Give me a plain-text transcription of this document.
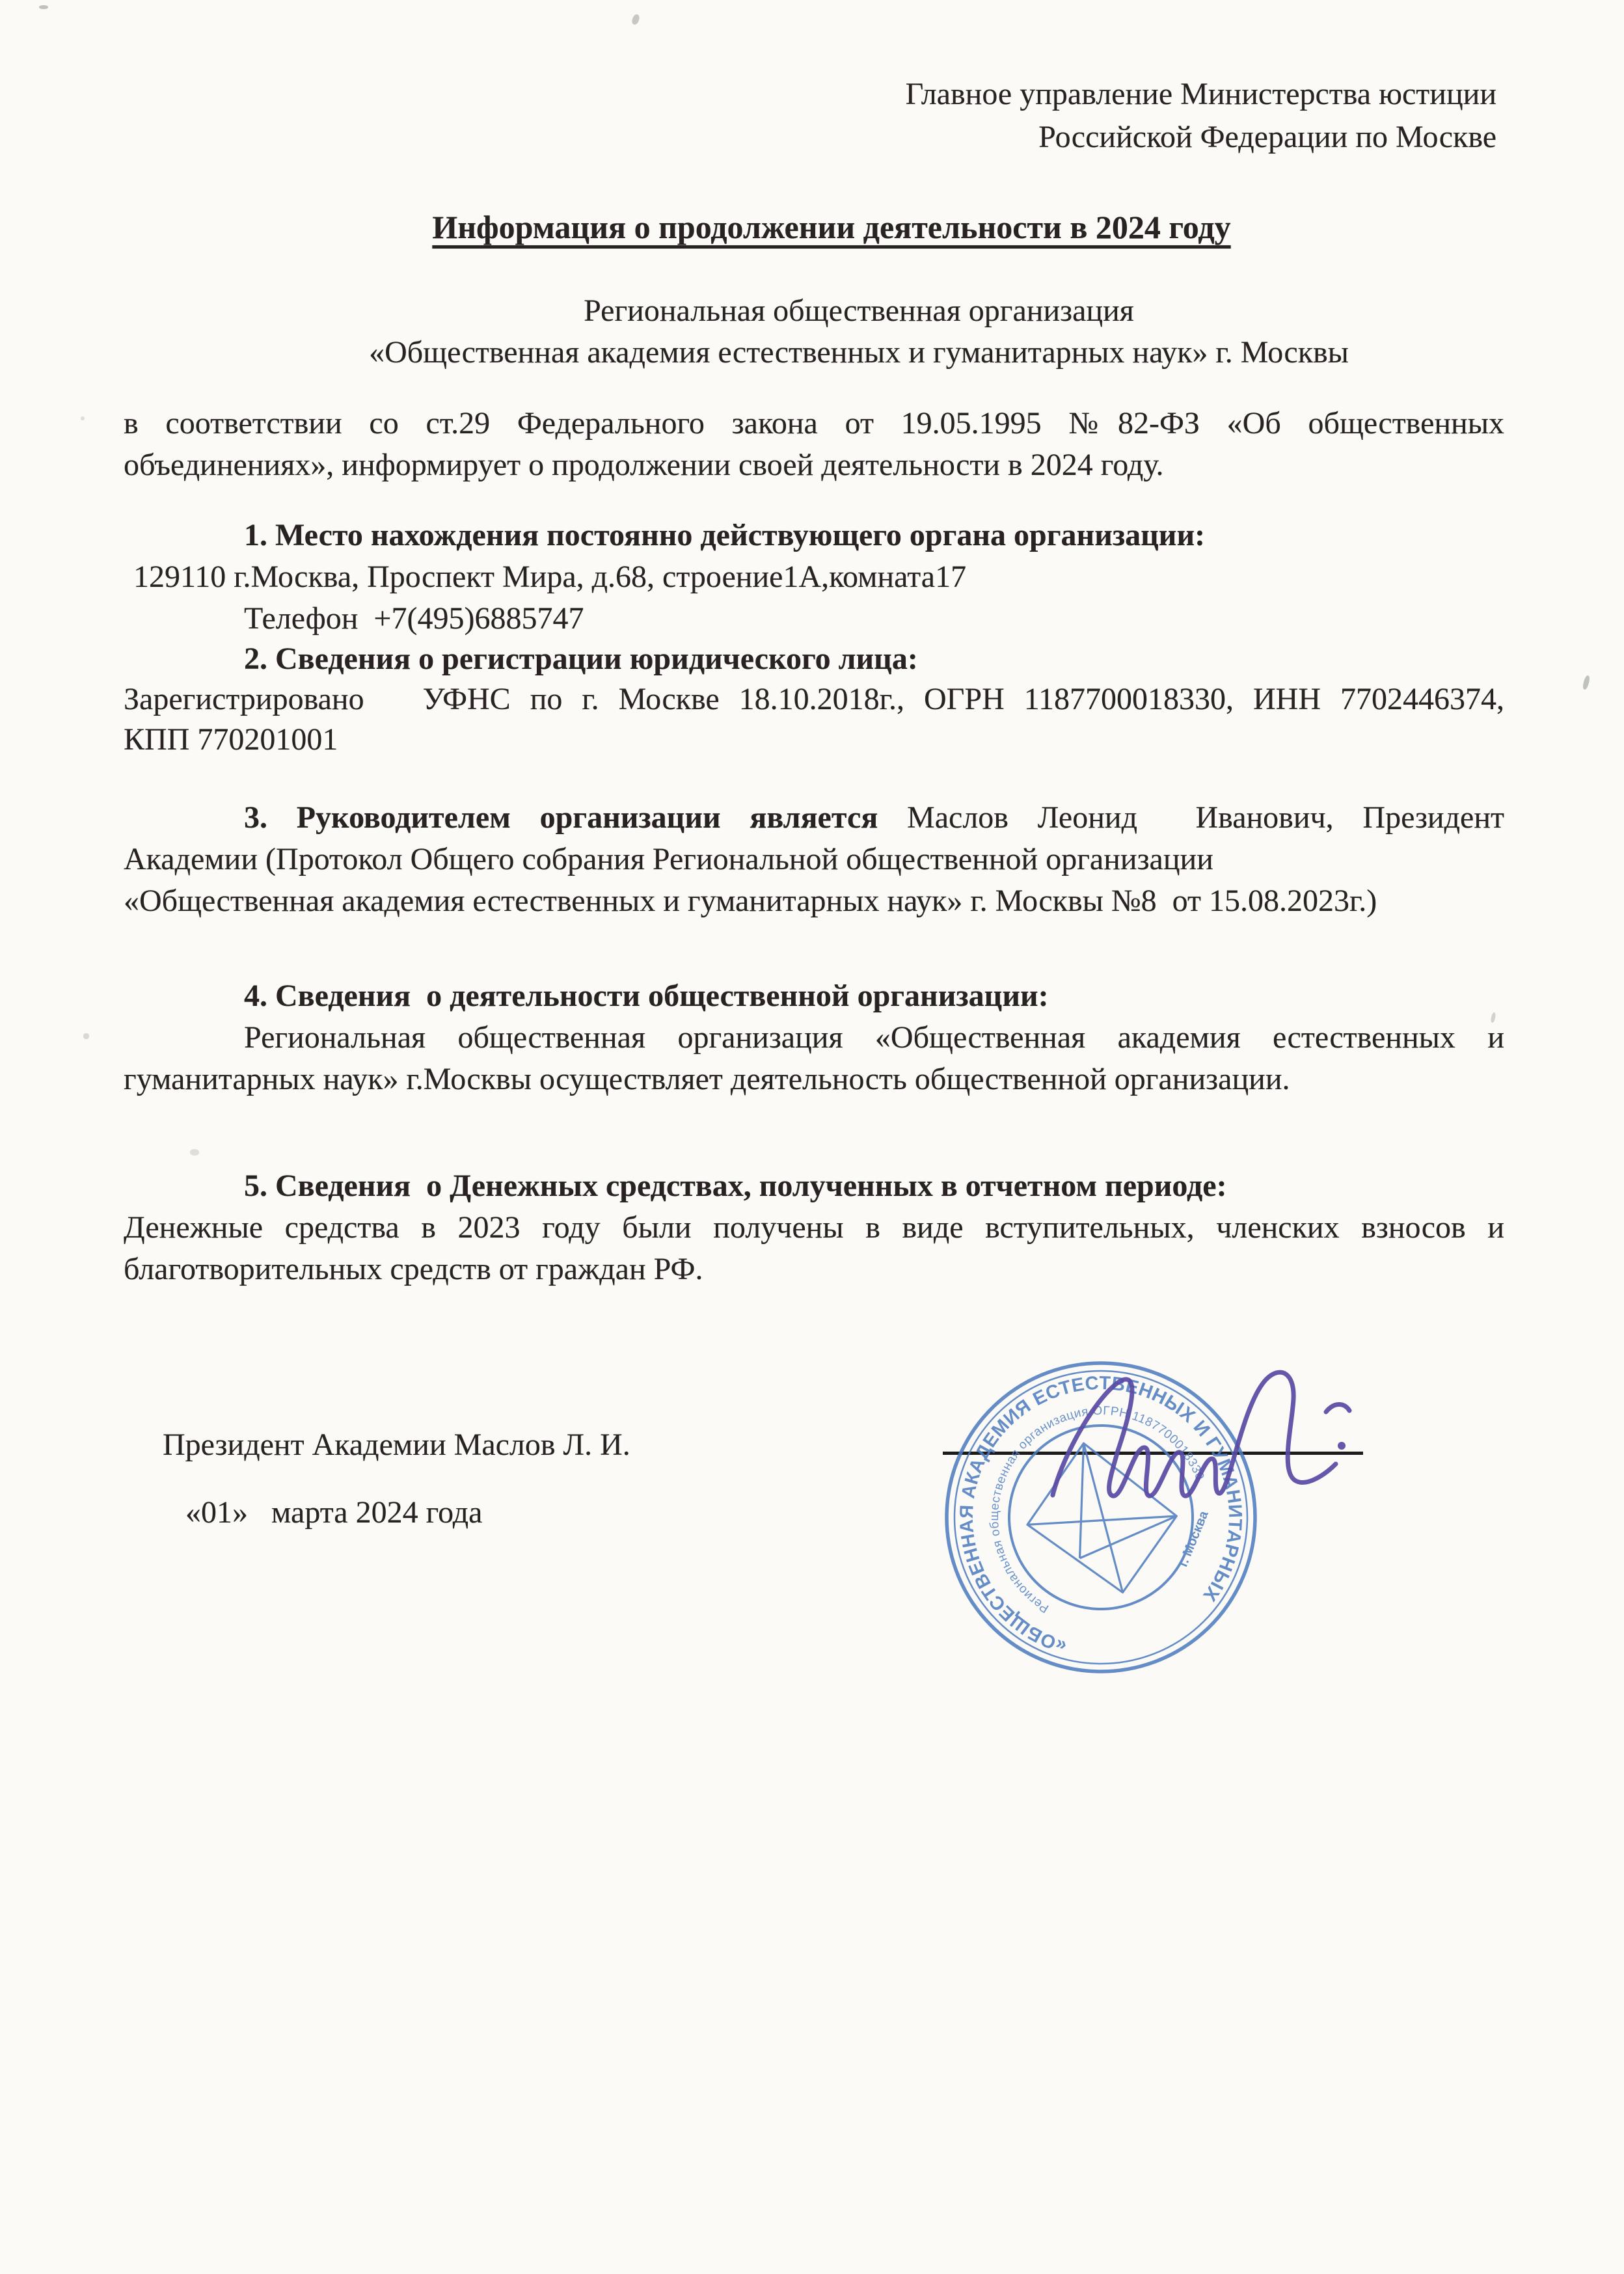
Главное управление Министерства юстиции
Российской Федерации по Москве
Информация о продолжении деятельности в 2024 году
Региональная общественная организация
«Общественная академия естественных и гуманитарных наук» г. Москвы
в соответствии со ст.29 Федерального закона от 19.05.1995 №82-ФЗ «Об общественных
объединениях», информирует о продолжении своей деятельности в 2024 году.
1. Место нахождения постоянно действующего органа организации:
129110 г.Москва, Проспект Мира, д.68, строение1А,комната17
Телефон  +7(495)6885747
2. Сведения о регистрации юридического лица:
Зарегистрировано   УФНС по г. Москве 18.10.2018г., ОГРН 1187700018330, ИНН 7702446374,
КПП 770201001
3. Руководителем организации является Маслов Леонид  Иванович, Президент
Академии (Протокол Общего собрания Региональной общественной организации
«Общественная академия естественных и гуманитарных наук» г. Москвы №8  от 15.08.2023г.)
4. Сведения  о деятельности общественной организации:
Региональная общественная организация «Общественная академия естественных и
гуманитарных наук» г.Москвы осуществляет деятельность общественной организации.
5. Сведения  о Денежных средствах, полученных в отчетном периоде:
Денежные средства в 2023 году были получены в виде вступительных, членских взносов и
благотворительных средств от граждан РФ.
Президент Академии Маслов Л. И.
«01»   марта 2024 года
«ОБЩЕСТВЕННАЯ АКАДЕМИЯ ЕСТЕСТВЕННЫХ И ГУМАНИТАРНЫХ НАУК»
Региональная общественная организация ОГРН 1187700018330
г. Москва
